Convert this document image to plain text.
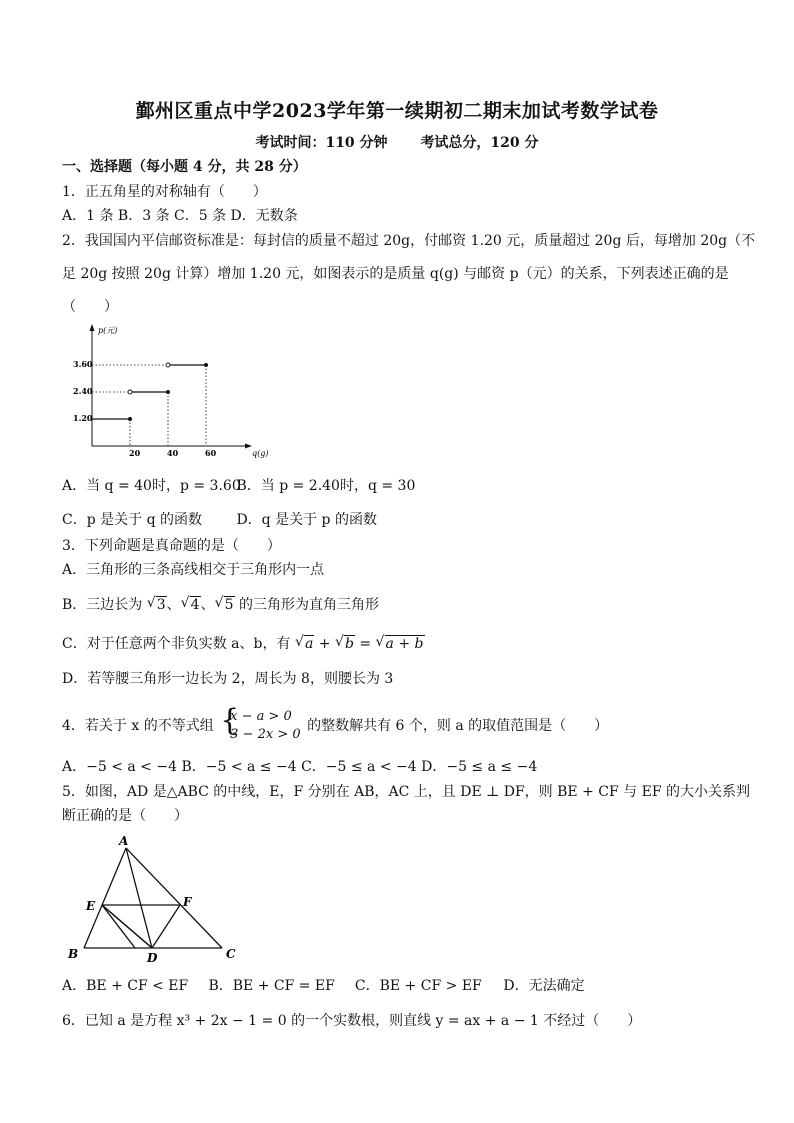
鄞州区重点中学2023学年第一续期初二期末加试考数学试卷
考试时间：110 分钟 考试总分，120 分
一、选择题（每小题 4 分，共 28 分）
1．正五角星的对称轴有（　　）
A．1 条 B．3 条 C．5 条 D．无数条
2．我国国内平信邮资标准是：每封信的质量不超过 20g，付邮资 1.20 元，质量超过 20g 后，每增加 20g（不
足 20g 按照 20g 计算）增加 1.20 元，如图表示的是质量 q(g) 与邮资 p（元）的关系，下列表述正确的是
（　　）
p(元)
q(g)
3.60
2.40
1.20
20	40	60
A．当 q = 40时，p = 3.60 B．当 p = 2.40时，q = 30
C．p 是关于 q 的函数 D．q 是关于 p 的函数
3．下列命题是真命题的是（　　）
A．三角形的三条高线相交于三角形内一点
B．三边长为 √ 3、 √ 4、 √ 5 的三角形为直角三角形
C．对于任意两个非负实数 a、b，有 √ a + √ b = √ a + b
D．若等腰三角形一边长为 2，周长为 8，则腰长为 3
4．若关于 x 的不等式组 {
x − a > 0
3 − 2x > 0
的整数解共有 6 个，则 a 的取值范围是（　　）
A．−5 < a < −4 B．−5 < a ≤ −4 C．−5 ≤ a < −4 D．−5 ≤ a ≤ −4
5．如图，AD 是△ABC 的中线，E，F 分别在 AB，AC 上，且 DE ⊥ DF，则 BE + CF 与 EF 的大小关系判
断正确的是（　　）
A
E	F
B	D	C
A．BE + CF < EF B．BE + CF = EF C．BE + CF > EF D．无法确定
6．已知 a 是方程 x³ + 2x − 1 = 0 的一个实数根，则直线 y = ax + a − 1 不经过（　　）
